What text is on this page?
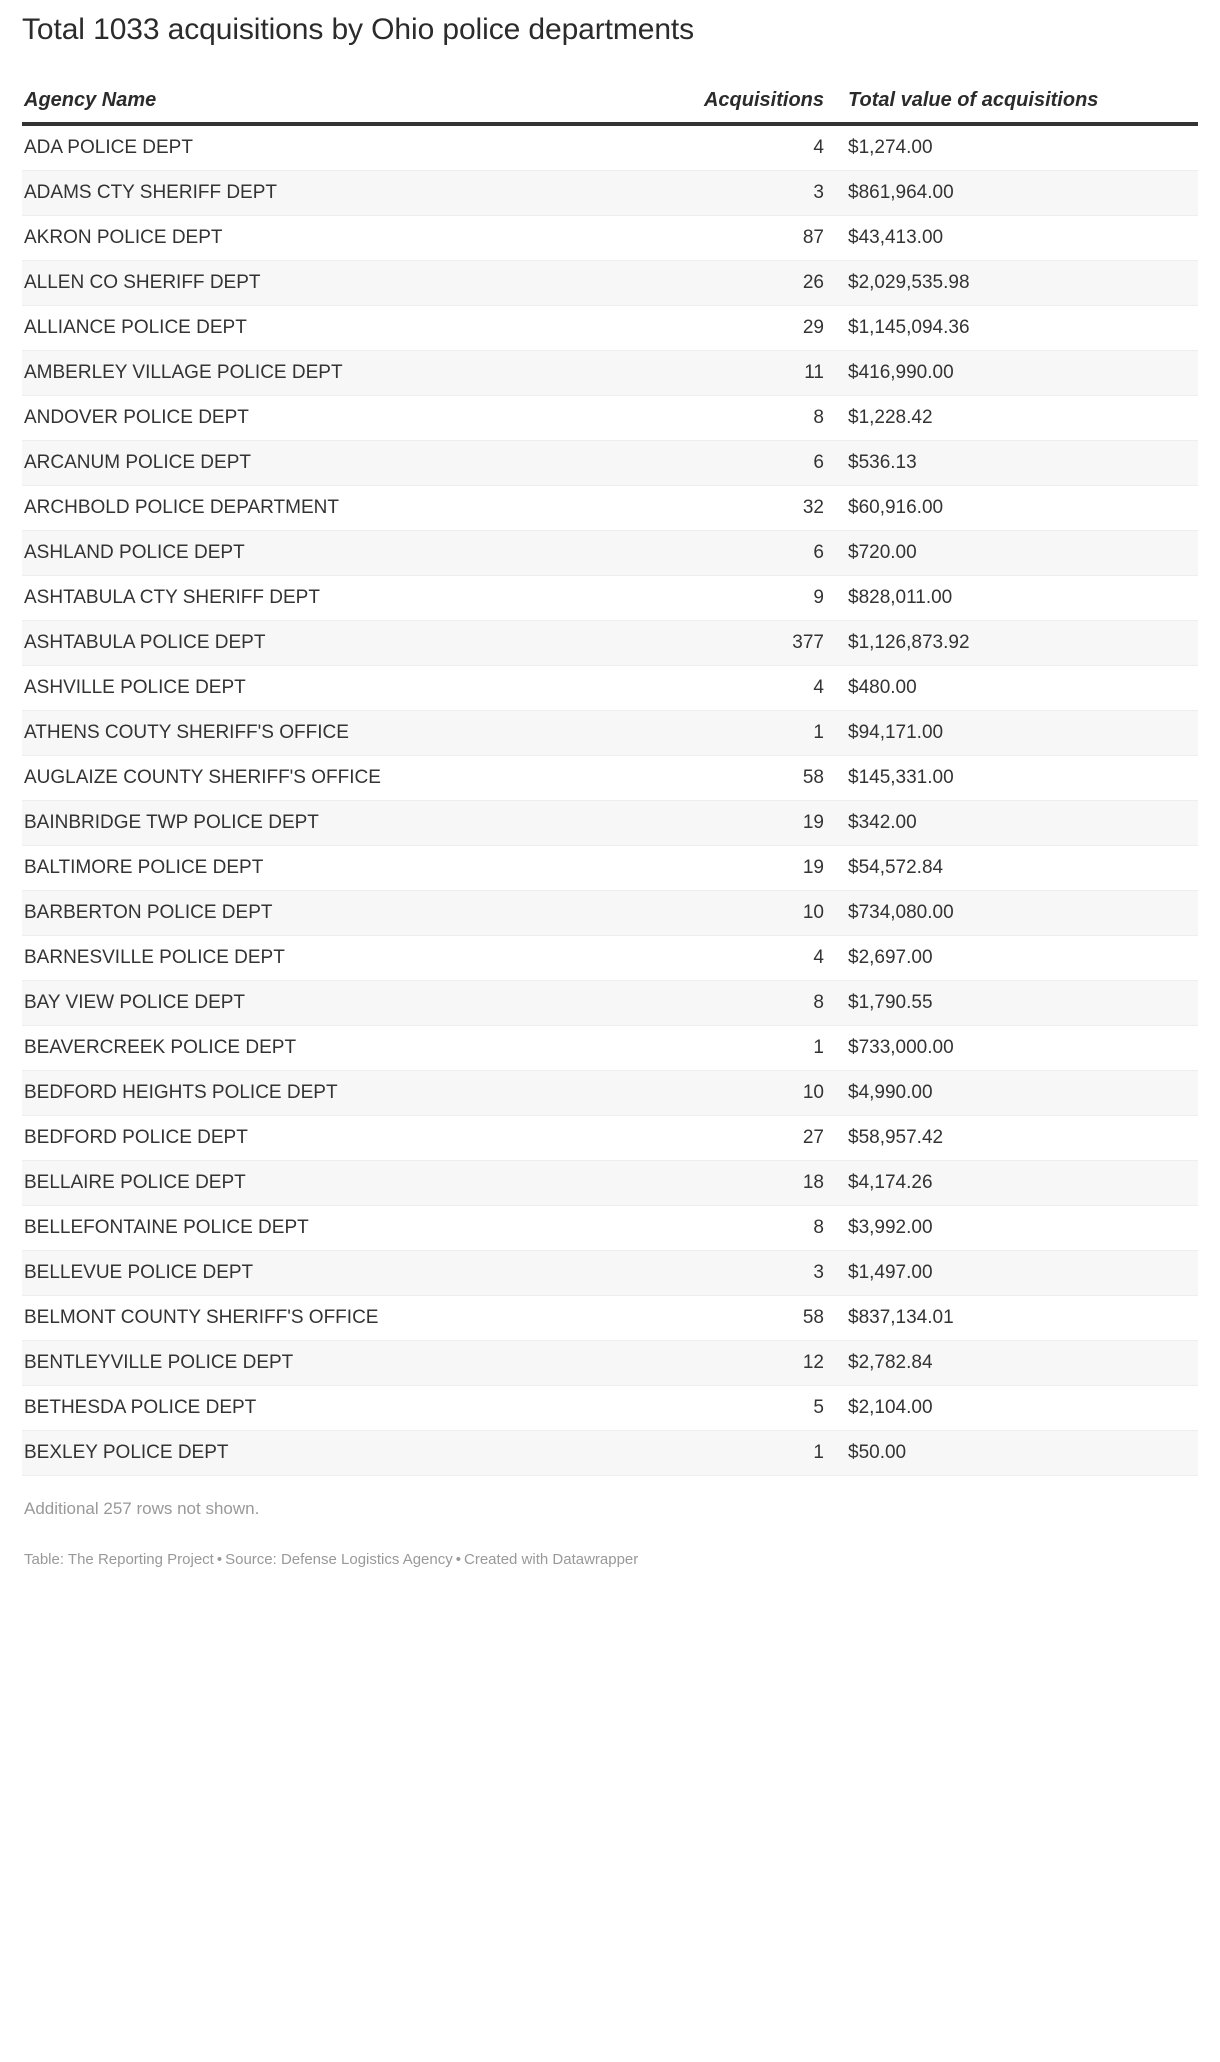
Total 1033 acquisitions by Ohio police departments
Agency Name	Acquisitions	Total value of acquisitions
ADA POLICE DEPT	4	$1,274.00
ADAMS CTY SHERIFF DEPT	3	$861,964.00
AKRON POLICE DEPT	87	$43,413.00
ALLEN CO SHERIFF DEPT	26	$2,029,535.98
ALLIANCE POLICE DEPT	29	$1,145,094.36
AMBERLEY VILLAGE POLICE DEPT	11	$416,990.00
ANDOVER POLICE DEPT	8	$1,228.42
ARCANUM POLICE DEPT	6	$536.13
ARCHBOLD POLICE DEPARTMENT	32	$60,916.00
ASHLAND POLICE DEPT	6	$720.00
ASHTABULA CTY SHERIFF DEPT	9	$828,011.00
ASHTABULA POLICE DEPT	377	$1,126,873.92
ASHVILLE POLICE DEPT	4	$480.00
ATHENS COUTY SHERIFF'S OFFICE	1	$94,171.00
AUGLAIZE COUNTY SHERIFF'S OFFICE	58	$145,331.00
BAINBRIDGE TWP POLICE DEPT	19	$342.00
BALTIMORE POLICE DEPT	19	$54,572.84
BARBERTON POLICE DEPT	10	$734,080.00
BARNESVILLE POLICE DEPT	4	$2,697.00
BAY VIEW POLICE DEPT	8	$1,790.55
BEAVERCREEK POLICE DEPT	1	$733,000.00
BEDFORD HEIGHTS POLICE DEPT	10	$4,990.00
BEDFORD POLICE DEPT	27	$58,957.42
BELLAIRE POLICE DEPT	18	$4,174.26
BELLEFONTAINE POLICE DEPT	8	$3,992.00
BELLEVUE POLICE DEPT	3	$1,497.00
BELMONT COUNTY SHERIFF'S OFFICE	58	$837,134.01
BENTLEYVILLE POLICE DEPT	12	$2,782.84
BETHESDA POLICE DEPT	5	$2,104.00
BEXLEY POLICE DEPT	1	$50.00
Additional 257 rows not shown.
Table: The Reporting Project • Source: Defense Logistics Agency • Created with Datawrapper
